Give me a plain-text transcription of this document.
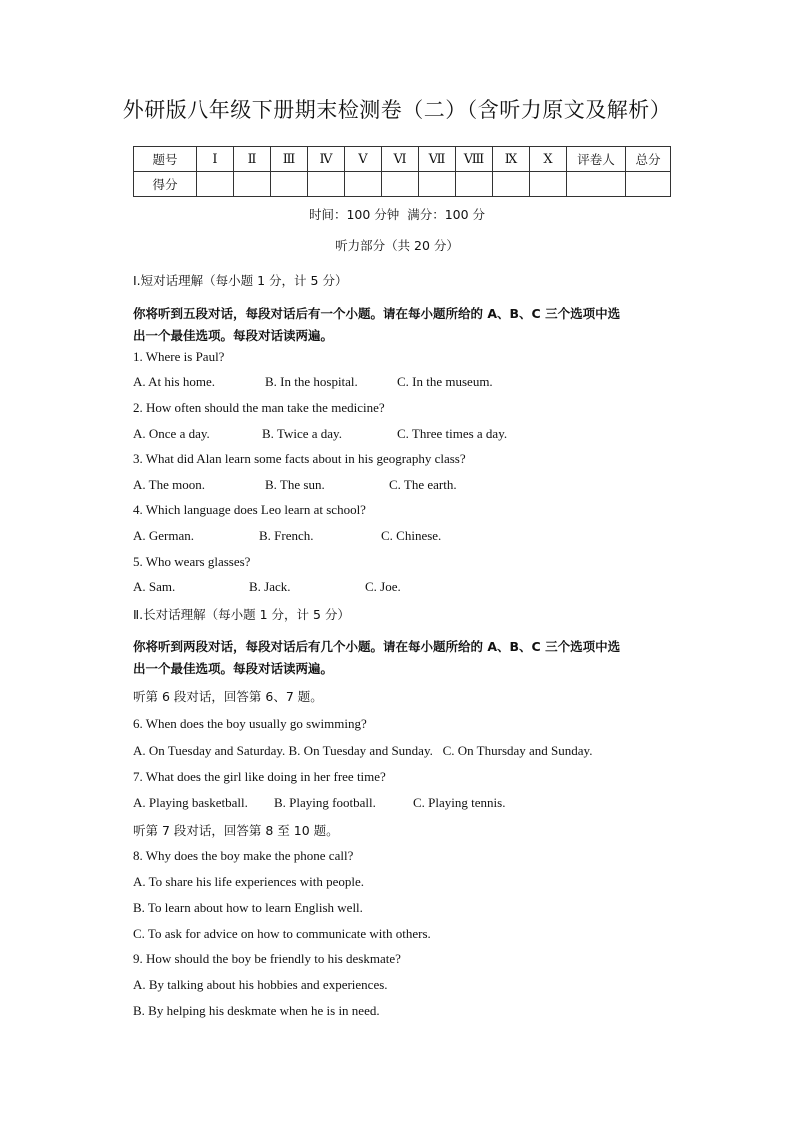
外研版八年级下册期末检测卷（二）（含听力原文及解析）
题号	Ⅰ	Ⅱ	Ⅲ	Ⅳ	Ⅴ	Ⅵ	Ⅶ	Ⅷ	Ⅸ	Ⅹ	评卷人	总分
得分												
时间：100 分钟  满分：100 分
听力部分（共 20 分）
Ⅰ.短对话理解（每小题 1 分，计 5 分）
你将听到五段对话，每段对话后有一个小题。请在每小题所给的 A、B、C 三个选项中选
出一个最佳选项。每段对话读两遍。
1. Where is Paul?
A. At his home.	B. In the hospital.	C. In the museum.
2. How often should the man take the medicine?
A. Once a day.	B. Twice a day.	C. Three times a day.
3. What did Alan learn some facts about in his geography class?
A. The moon.	B. The sun.	C. The earth.
4. Which language does Leo learn at school?
A. German.	B. French.	C. Chinese.
5. Who wears glasses?
A. Sam.	B. Jack.	C. Joe.
Ⅱ.长对话理解（每小题 1 分，计 5 分）
你将听到两段对话，每段对话后有几个小题。请在每小题所给的 A、B、C 三个选项中选
出一个最佳选项。每段对话读两遍。
听第 6 段对话，回答第 6、7 题。
6. When does the boy usually go swimming?
A. On Tuesday and Saturday. B. On Tuesday and Sunday.   C. On Thursday and Sunday.
7. What does the girl like doing in her free time?
A. Playing basketball. B. Playing football.	C. Playing tennis.
听第 7 段对话，回答第 8 至 10 题。
8. Why does the boy make the phone call?
A. To share his life experiences with people.
B. To learn about how to learn English well.
C. To ask for advice on how to communicate with others.
9. How should the boy be friendly to his deskmate?
A. By talking about his hobbies and experiences.
B. By helping his deskmate when he is in need.
